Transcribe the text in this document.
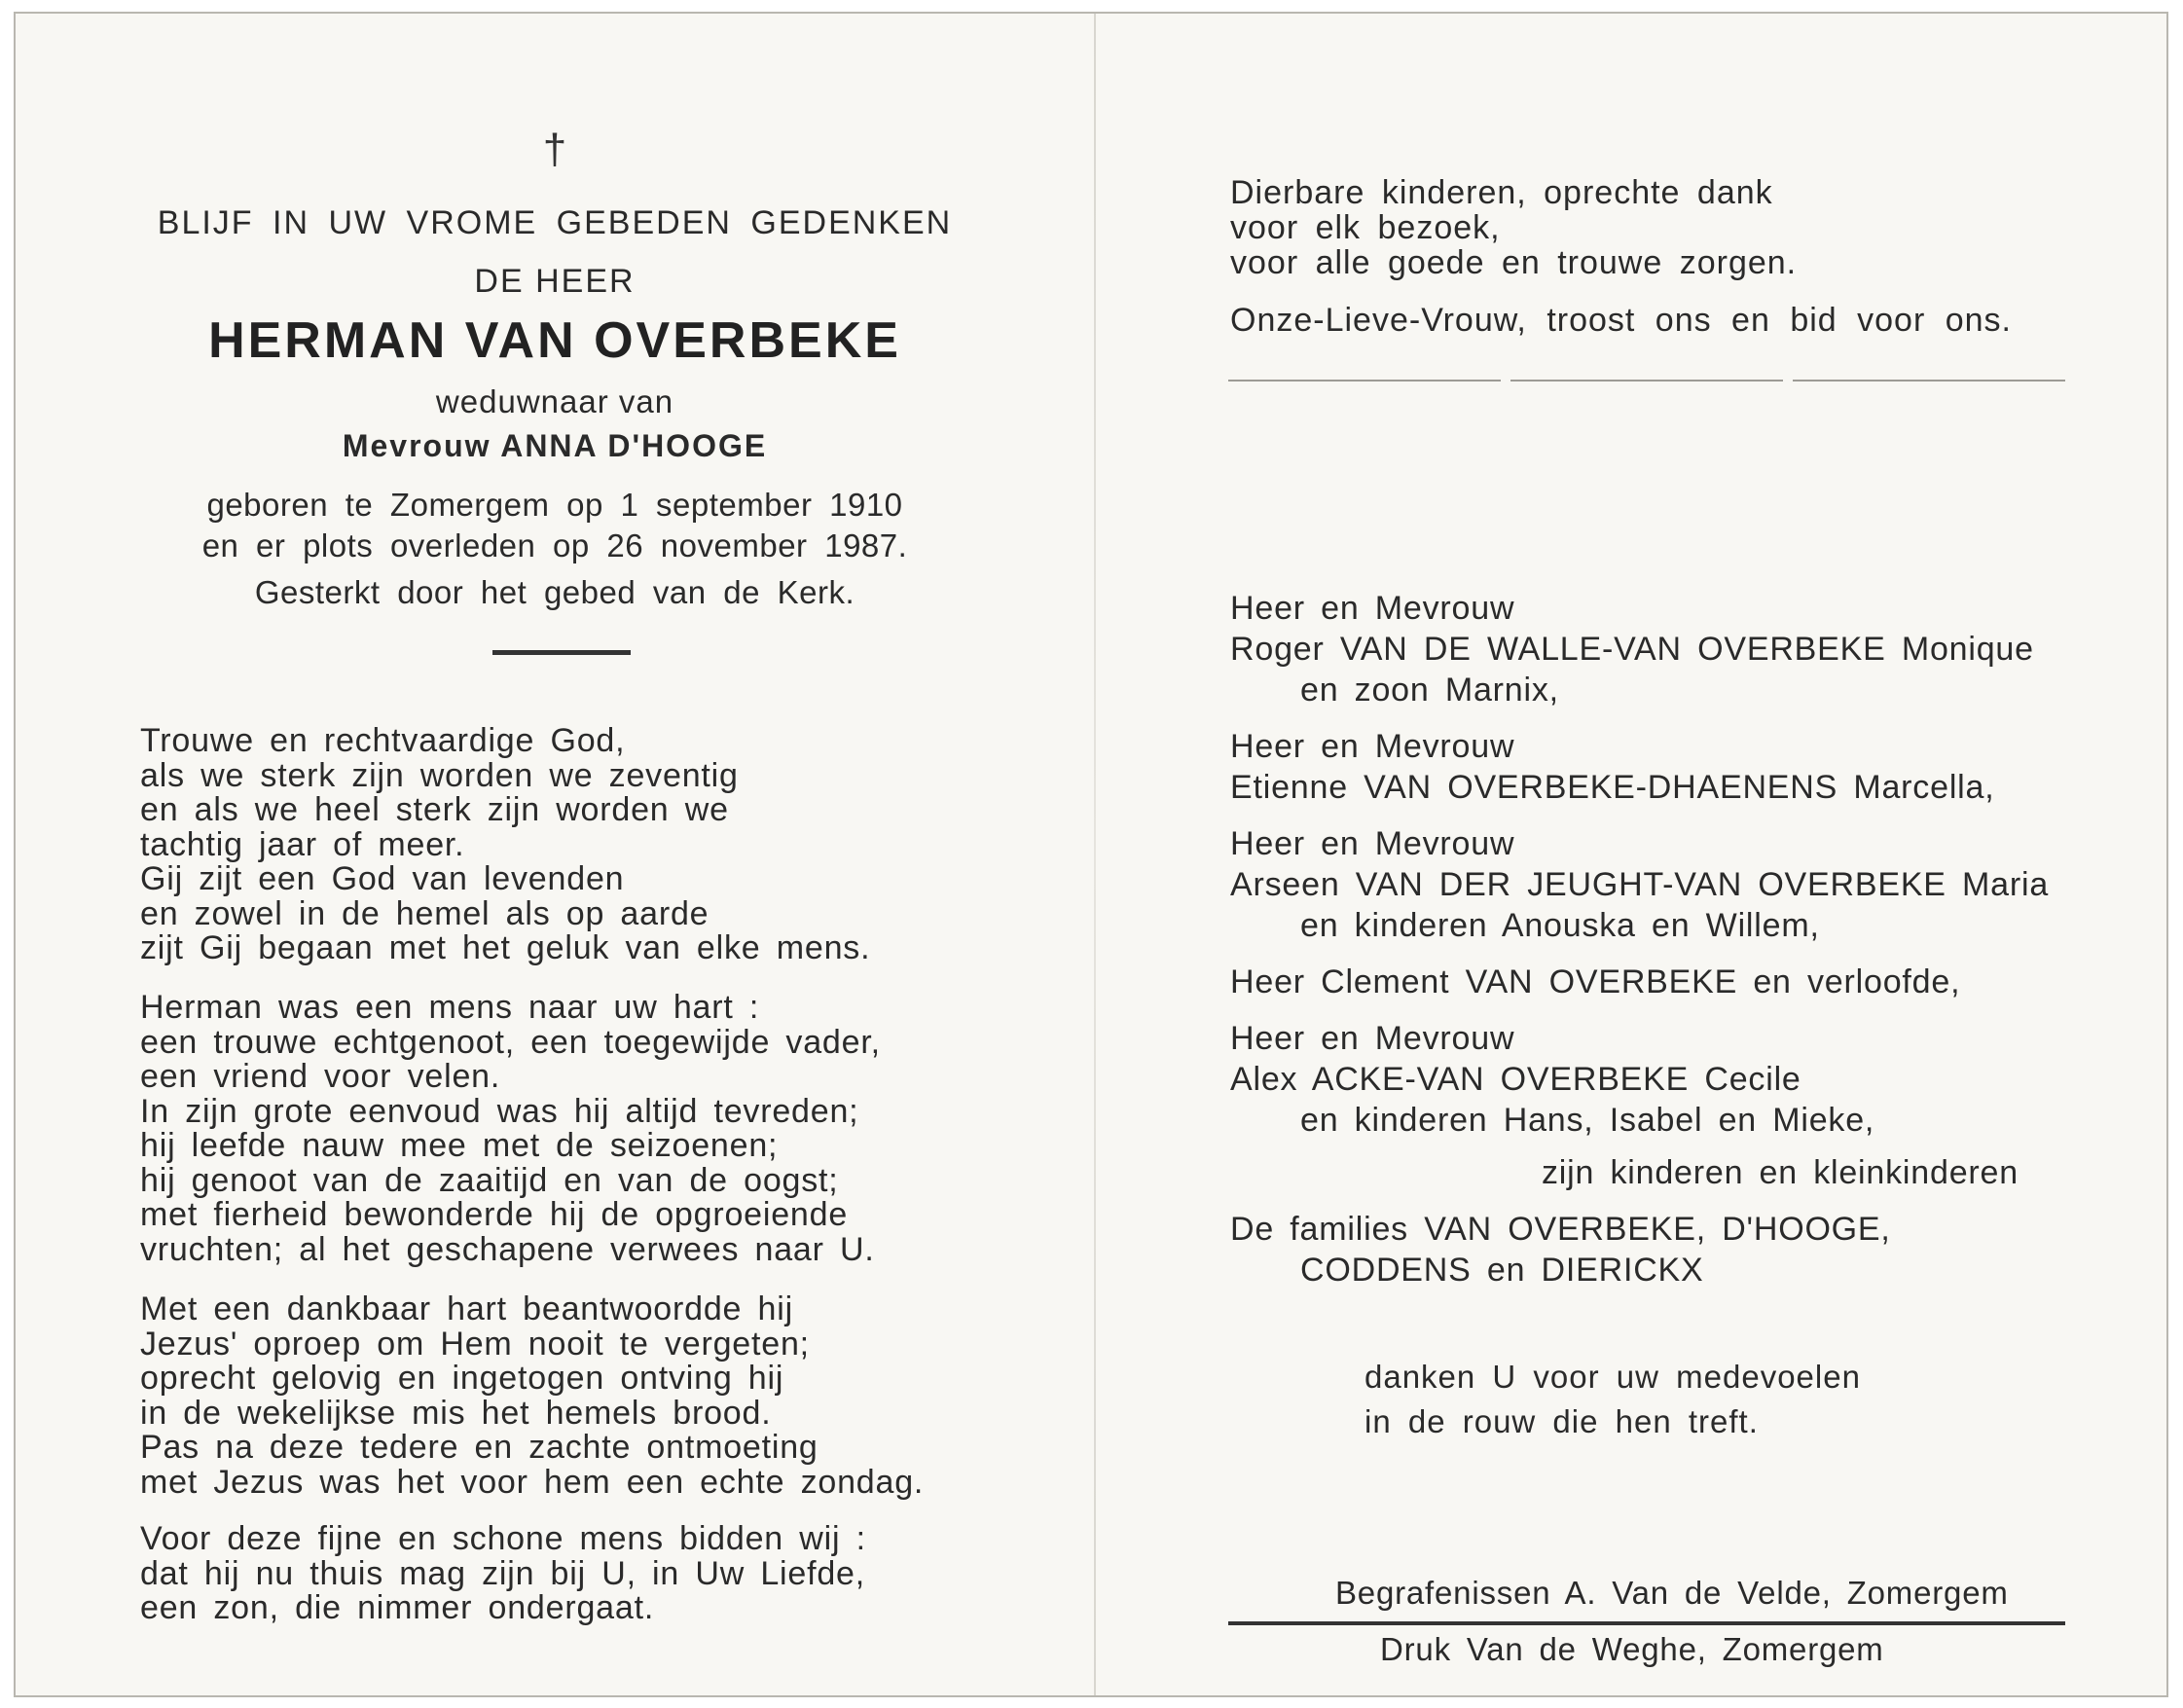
†
BLIJF IN UW VROME GEBEDEN GEDENKEN
DE HEER
HERMAN VAN OVERBEKE
weduwnaar van
Mevrouw ANNA D'HOOGE
geboren te Zomergem op 1 september 1910
en er plots overleden op 26 november 1987.
Gesterkt door het gebed van de Kerk.
Trouwe en rechtvaardige God,
als we sterk zijn worden we zeventig
en als we heel sterk zijn worden we
tachtig jaar of meer.
Gij zijt een God van levenden
en zowel in de hemel als op aarde
zijt Gij begaan met het geluk van elke mens.
Herman was een mens naar uw hart :
een trouwe echtgenoot, een toegewijde vader,
een vriend voor velen.
In zijn grote eenvoud was hij altijd tevreden;
hij leefde nauw mee met de seizoenen;
hij genoot van de zaaitijd en van de oogst;
met fierheid bewonderde hij de opgroeiende
vruchten; al het geschapene verwees naar U.
Met een dankbaar hart beantwoordde hij
Jezus' oproep om Hem nooit te vergeten;
oprecht gelovig en ingetogen ontving hij
in de wekelijkse mis het hemels brood.
Pas na deze tedere en zachte ontmoeting
met Jezus was het voor hem een echte zondag.
Voor deze fijne en schone mens bidden wij :
dat hij nu thuis mag zijn bij U, in Uw Liefde,
een zon, die nimmer ondergaat.
Dierbare kinderen, oprechte dank
voor elk bezoek,
voor alle goede en trouwe zorgen.
Onze-Lieve-Vrouw, troost ons en bid voor ons.
Heer en Mevrouw
Roger VAN DE WALLE-VAN OVERBEKE Monique
en zoon Marnix,
Heer en Mevrouw
Etienne VAN OVERBEKE-DHAENENS Marcella,
Heer en Mevrouw
Arseen VAN DER JEUGHT-VAN OVERBEKE Maria
en kinderen Anouska en Willem,
Heer Clement VAN OVERBEKE en verloofde,
Heer en Mevrouw
Alex ACKE-VAN OVERBEKE Cecile
en kinderen Hans, Isabel en Mieke,
zijn kinderen en kleinkinderen
De families VAN OVERBEKE, D'HOOGE,
CODDENS en DIERICKX
danken U voor uw medevoelen
in de rouw die hen treft.
Begrafenissen A. Van de Velde, Zomergem
Druk Van de Weghe, Zomergem
